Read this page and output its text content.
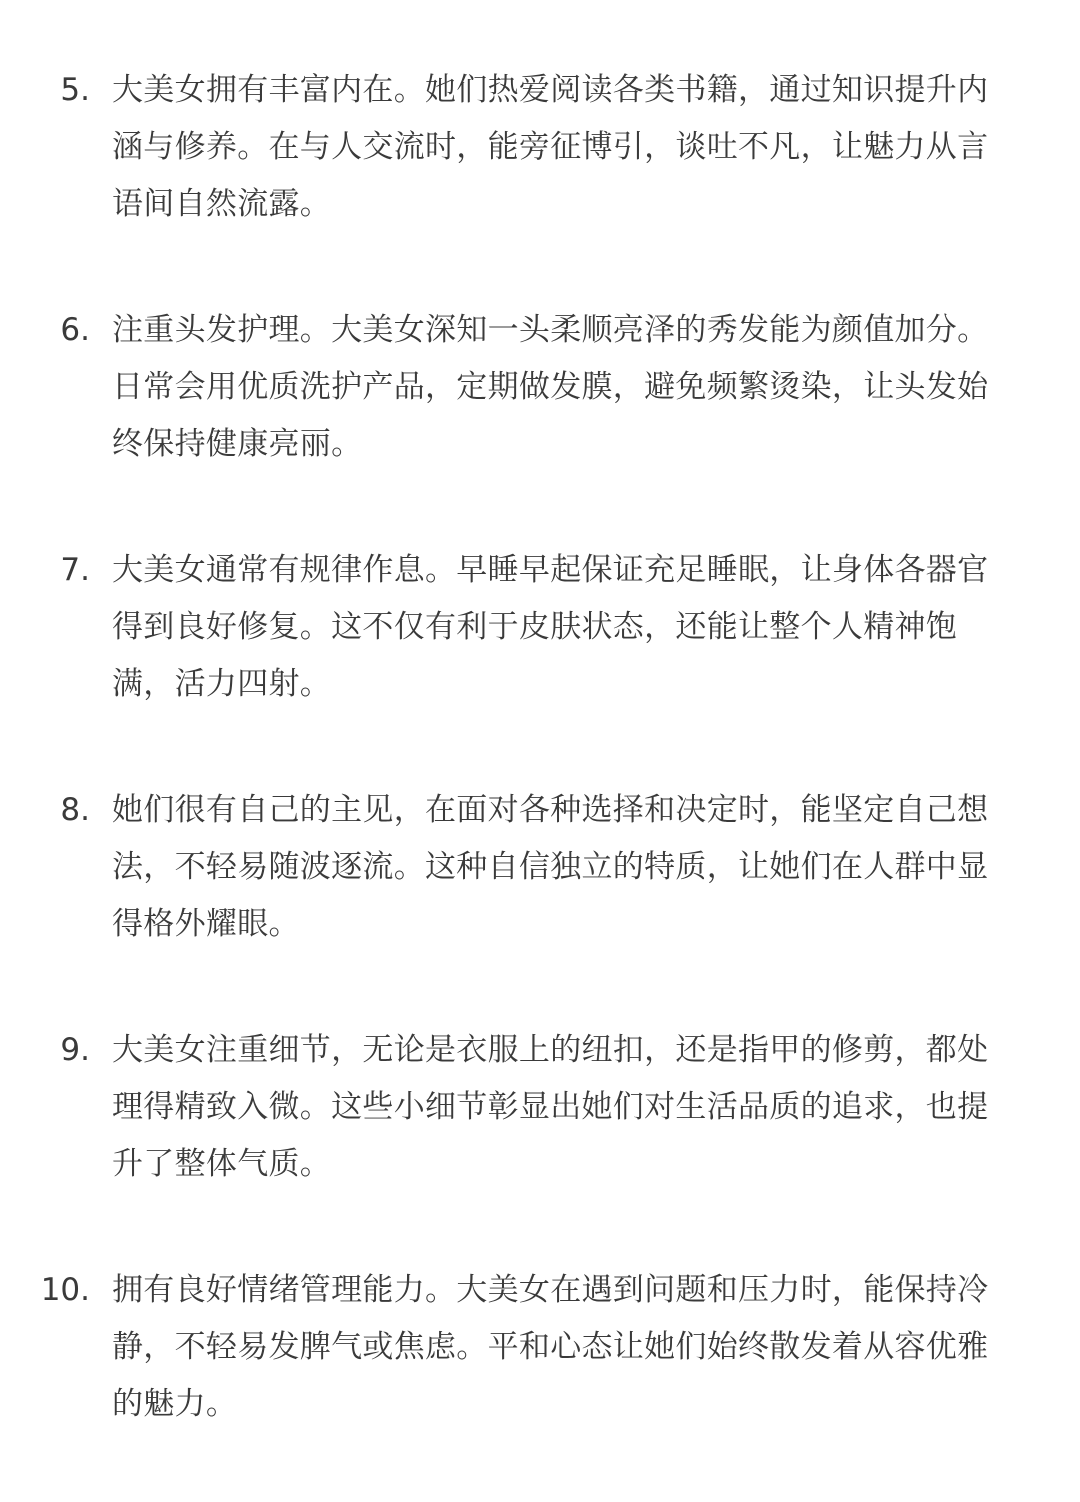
5. 大美女拥有丰富内在。她们热爱阅读各类书籍，通过知识提升内
涵与修养。在与人交流时，能旁征博引，谈吐不凡，让魅力从言
语间自然流露。
6. 注重头发护理。大美女深知一头柔顺亮泽的秀发能为颜值加分。
日常会用优质洗护产品，定期做发膜，避免频繁烫染，让头发始
终保持健康亮丽。
7. 大美女通常有规律作息。早睡早起保证充足睡眠，让身体各器官
得到良好修复。这不仅有利于皮肤状态，还能让整个人精神饱
满，活力四射。
8. 她们很有自己的主见，在面对各种选择和决定时，能坚定自己想
法，不轻易随波逐流。这种自信独立的特质，让她们在人群中显
得格外耀眼。
9. 大美女注重细节，无论是衣服上的纽扣，还是指甲的修剪，都处
理得精致入微。这些小细节彰显出她们对生活品质的追求，也提
升了整体气质。
10. 拥有良好情绪管理能力。大美女在遇到问题和压力时，能保持冷
静，不轻易发脾气或焦虑。平和心态让她们始终散发着从容优雅
的魅力。
